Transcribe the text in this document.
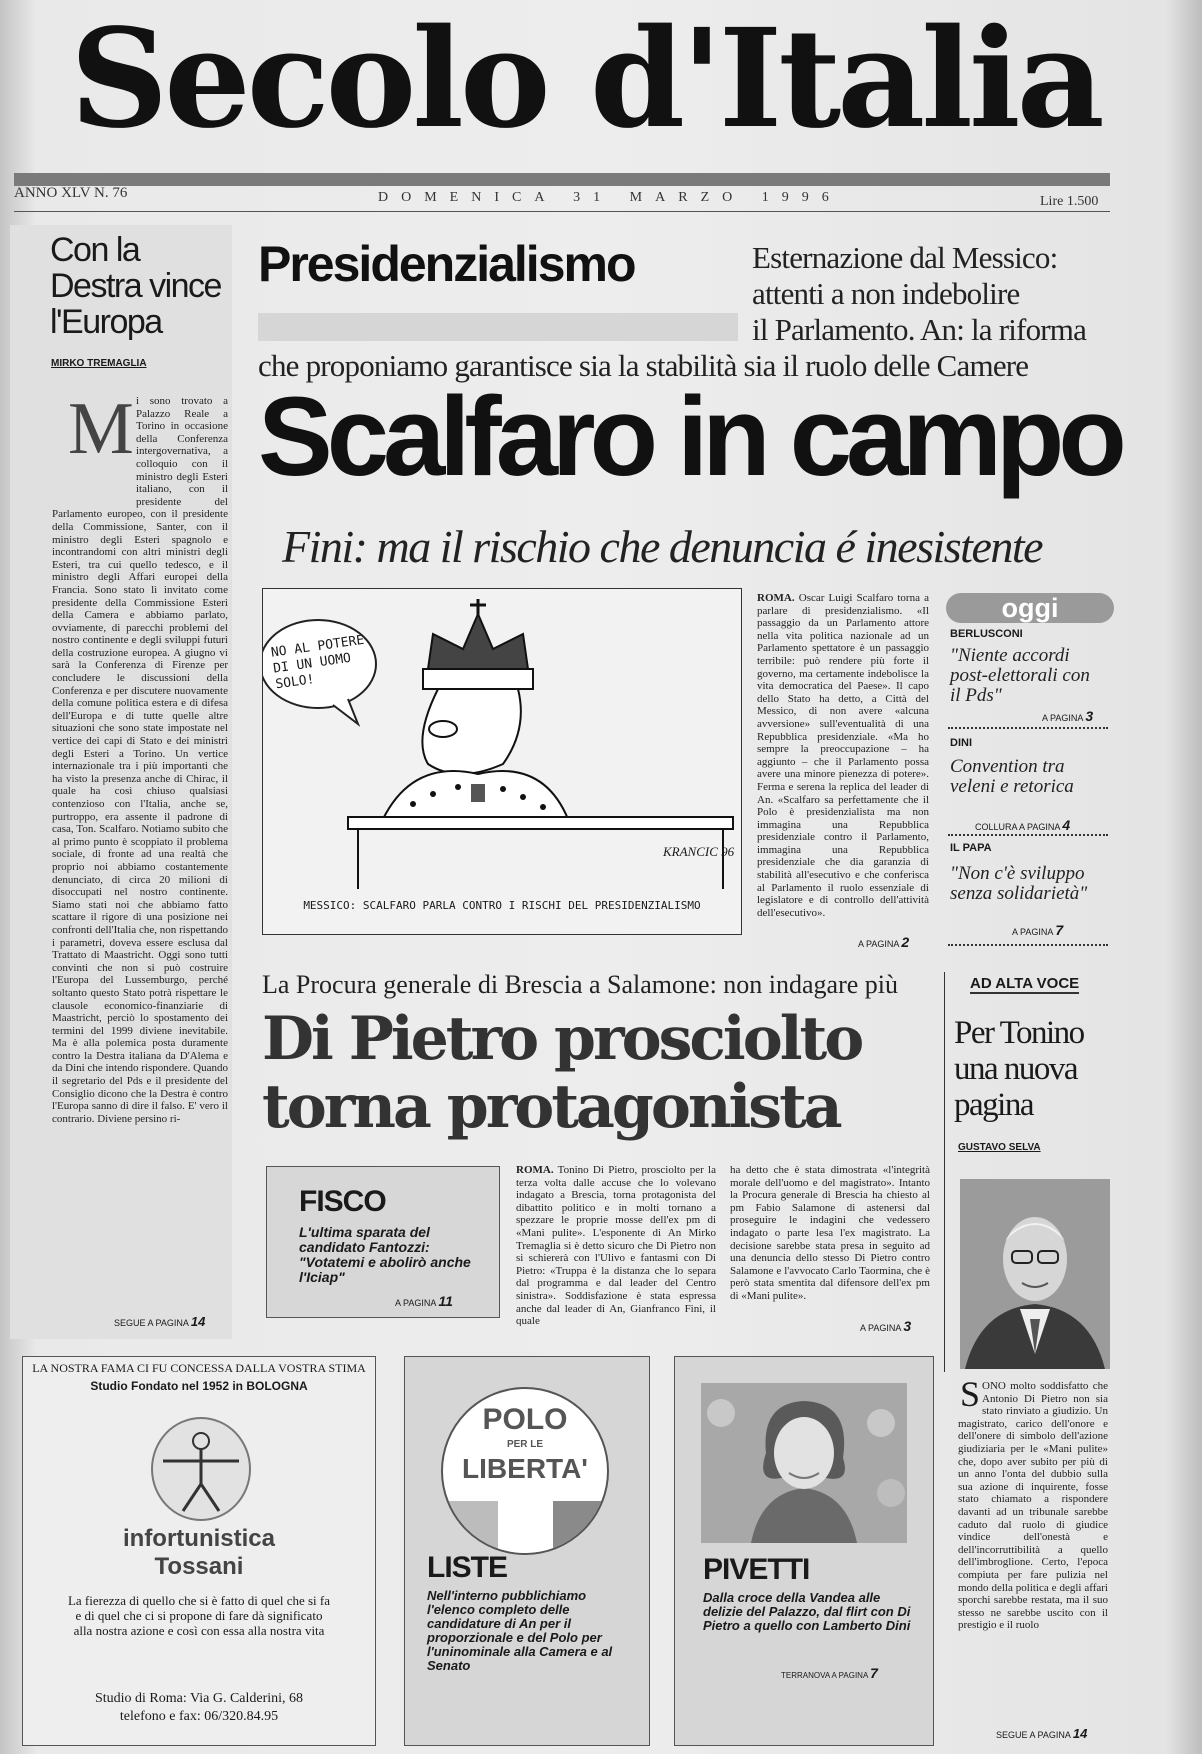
Secolo d'Italia
ANNO XLV N. 76	DOMENICA 31 MARZO 1996	Lire 1.500
Con la Destra vince l'Europa
MIRKO TREMAGLIA
M i sono trovato a Palazzo Reale a Torino in occasione della Conferenza intergovernativa, a colloquio con il ministro degli Esteri italiano, con il presidente del Parlamento europeo, con il presidente della Commissione, Santer, con il ministro degli Esteri spagnolo e incontrandomi con altri ministri degli Esteri, tra cui quello tedesco, e il ministro degli Affari europei della Francia. Sono stato lì invitato come presidente della Commissione Esteri della Camera e abbiamo parlato, ovviamente, di parecchi problemi del nostro continente e degli sviluppi futuri della costruzione europea. A giugno vi sarà la Conferenza di Firenze per concludere le discussioni della Conferenza e per discutere nuovamente della comune politica estera e di difesa dell'Europa e di tutte quelle altre situazioni che sono state impostate nel vertice dei capi di Stato e dei ministri degli Esteri a Torino. Un vertice internazionale tra i più importanti che ha visto la presenza anche di Chirac, il quale ha così chiuso qualsiasi contenzioso con l'Italia, anche se, purtroppo, era assente il padrone di casa, Ton. Scalfaro. Notiamo subito che al primo punto è scoppiato il problema sociale, di fronte ad una realtà che proprio noi abbiamo costantemente denunciato, di circa 20 milioni di disoccupati nel nostro continente. Siamo stati noi che abbiamo fatto scattare il rigore di una posizione nei confronti dell'Italia che, non rispettando i parametri, doveva essere esclusa dal Trattato di Maastricht. Oggi sono tutti convinti che non si può costruire l'Europa del Lussemburgo, perché soltanto questo Stato potrà rispettare le clausole economico-finanziarie di Maastricht, perciò lo spostamento dei termini del 1999 diviene inevitabile. Ma è alla polemica posta duramente contro la Destra italiana da D'Alema e da Dini che intendo rispondere. Quando il segretario del Pds e il presidente del Consiglio dicono che la Destra è contro l'Europa sanno di dire il falso. E' vero il contrario. Diviene persino ri-
SEGUE A PAGINA 14
Presidenzialismo	Esternazione dal Messico:
attenti a non indebolire
il Parlamento. An: la riforma
che proponiamo garantisce sia la stabilità sia il ruolo delle Camere
Scalfaro in campo
Fini: ma il rischio che denuncia é inesistente
NO AL POTERE DI UN UOMO SOLO!
KRANCIC 96
MESSICO: SCALFARO PARLA CONTRO I RISCHI DEL PRESIDENZIALISMO
ROMA. Oscar Luigi Scalfaro torna a parlare di presidenzialismo. «Il passaggio da un Parlamento attore nella vita politica nazionale ad un Parlamento spettatore è un passaggio terribile: può rendere più forte il governo, ma certamente indebolisce la vita democratica del Paese». Il capo dello Stato ha detto, a Città del Messico, di non avere «alcuna avversione» sull'eventualità di una Repubblica presidenziale. «Ma ho sempre la preoccupazione – ha aggiunto – che il Parlamento possa avere una minore pienezza di potere». Ferma e serena la replica del leader di An. «Scalfaro sa perfettamente che il Polo è presidenzialista ma non immagina una Repubblica presidenziale contro il Parlamento, immagina una Repubblica presidenziale che dia garanzia di stabilità all'esecutivo e che conferisca al Parlamento il ruolo essenziale di legislatore e di controllo dell'attività dell'esecutivo».
A PAGINA 2
oggi
BERLUSCONI
"Niente accordi post-elettorali con il Pds"
A PAGINA 3
DINI
Convention tra veleni e retorica
COLLURA A PAGINA 4
IL PAPA
"Non c'è sviluppo senza solidarietà"
A PAGINA 7
La Procura generale di Brescia a Salamone: non indagare più
Di Pietro prosciolto
torna protagonista
FISCO
L'ultima sparata del candidato Fantozzi: "Votatemi e abolirò anche l'Iciap"
A PAGINA 11
ROMA. Tonino Di Pietro, prosciolto per la terza volta dalle accuse che lo volevano indagato a Brescia, torna protagonista del dibattito politico e in molti tornano a spezzare le proprie mosse dell'ex pm di «Mani pulite». L'esponente di An Mirko Tremaglia si è detto sicuro che Di Pietro non si schiererà con l'Ulivo e fantasmi con Di Pietro: «Truppa è la distanza che lo separa dal programma e dal leader del Centro sinistra». Soddisfazione è stata espressa anche dal leader di An, Gianfranco Fini, il quale
ha detto che è stata dimostrata «l'integrità morale dell'uomo e del magistrato». Intanto la Procura generale di Brescia ha chiesto al pm Fabio Salamone di astenersi dal proseguire le indagini che vedessero indagato o parte lesa l'ex magistrato. La decisione sarebbe stata presa in seguito ad una denuncia dello stesso Di Pietro contro Salamone e l'avvocato Carlo Taormina, che è però stata smentita dal difensore dell'ex pm di «Mani pulite».
A PAGINA 3
AD ALTA VOCE
Per Tonino una nuova pagina
GUSTAVO SELVA
S ONO molto soddisfatto che Antonio Di Pietro non sia stato rinviato a giudizio. Un magistrato, carico dell'onore e dell'onere di simbolo dell'azione giudiziaria per le «Mani pulite» che, dopo aver subito per più di un anno l'onta del dubbio sulla sua azione di inquirente, fosse stato chiamato a rispondere davanti ad un tribunale sarebbe caduto dal ruolo di giudice vindice dell'onestà e dell'incorruttibilità a quello dell'imbroglione. Certo, l'epoca compiuta per fare pulizia nel mondo della politica e degli affari sporchi sarebbe restata, ma il suo stesso ne sarebbe uscito con il prestigio e il ruolo
SEGUE A PAGINA 14
LA NOSTRA FAMA CI FU CONCESSA DALLA VOSTRA STIMA
Studio Fondato nel 1952 in BOLOGNA
infortunistica
Tossani
La fierezza di quello che si è fatto di quel che si fa e di quel che ci si propone di fare dà significato alla nostra azione e così con essa alla nostra vita
Studio di Roma: Via G. Calderini, 68
telefono e fax: 06/320.84.95
POLO
PER LE
LIBERTA'
LISTE
Nell'interno pubblichiamo l'elenco completo delle candidature di An per il proporzionale e del Polo per l'uninominale alla Camera e al Senato
PIVETTI
Dalla croce della Vandea alle delizie del Palazzo, dal flirt con Di Pietro a quello con Lamberto Dini
TERRANOVA A PAGINA 7
